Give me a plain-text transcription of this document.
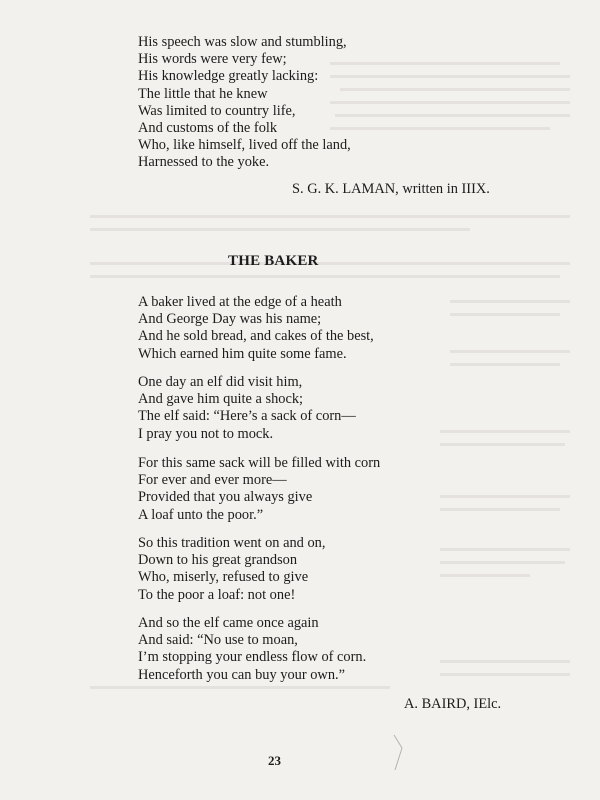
His speech was slow and stumbling,
His words were very few;
His knowledge greatly lacking:
The little that he knew
Was limited to country life,
And customs of the folk
Who, like himself, lived off the land,
Harnessed to the yoke.
S. G. K. LAMAN, written in IIIX.
THE BAKER
A baker lived at the edge of a heath
And George Day was his name;
And he sold bread, and cakes of the best,
Which earned him quite some fame.
One day an elf did visit him,
And gave him quite a shock;
The elf said: “Here’s a sack of corn—
I pray you not to mock.
For this same sack will be filled with corn
For ever and ever more—
Provided that you always give
A loaf unto the poor.”
So this tradition went on and on,
Down to his great grandson
Who, miserly, refused to give
To the poor a loaf: not one!
And so the elf came once again
And said: “No use to moan,
I’m stopping your endless flow of corn.
Henceforth you can buy your own.”
A. BAIRD, IElc.
23
